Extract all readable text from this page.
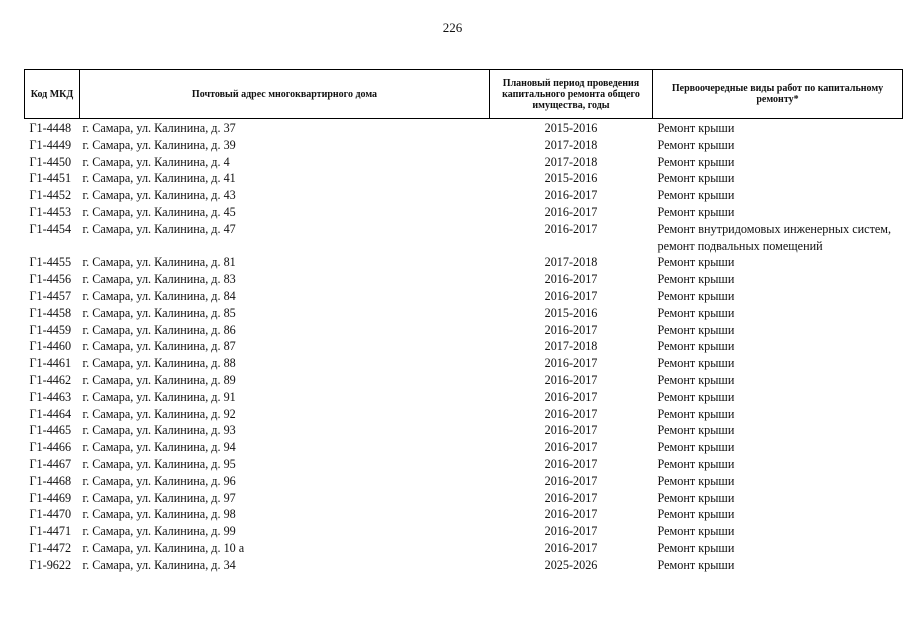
226
Код МКД	Почтовый адрес многоквартирного дома	Плановый период проведения капитального ремонта общего имущества, годы	Первоочередные виды работ по капитальному ремонту*
Г1-4448	г. Самара, ул. Калинина, д. 37	2015-2016	Ремонт крыши
Г1-4449	г. Самара, ул. Калинина, д. 39	2017-2018	Ремонт крыши
Г1-4450	г. Самара, ул. Калинина, д. 4	2017-2018	Ремонт крыши
Г1-4451	г. Самара, ул. Калинина, д. 41	2015-2016	Ремонт крыши
Г1-4452	г. Самара, ул. Калинина, д. 43	2016-2017	Ремонт крыши
Г1-4453	г. Самара, ул. Калинина, д. 45	2016-2017	Ремонт крыши
Г1-4454	г. Самара, ул. Калинина, д. 47	2016-2017	Ремонт внутридомовых инженерных систем, ремонт подвальных помещений
Г1-4455	г. Самара, ул. Калинина, д. 81	2017-2018	Ремонт крыши
Г1-4456	г. Самара, ул. Калинина, д. 83	2016-2017	Ремонт крыши
Г1-4457	г. Самара, ул. Калинина, д. 84	2016-2017	Ремонт крыши
Г1-4458	г. Самара, ул. Калинина, д. 85	2015-2016	Ремонт крыши
Г1-4459	г. Самара, ул. Калинина, д. 86	2016-2017	Ремонт крыши
Г1-4460	г. Самара, ул. Калинина, д. 87	2017-2018	Ремонт крыши
Г1-4461	г. Самара, ул. Калинина, д. 88	2016-2017	Ремонт крыши
Г1-4462	г. Самара, ул. Калинина, д. 89	2016-2017	Ремонт крыши
Г1-4463	г. Самара, ул. Калинина, д. 91	2016-2017	Ремонт крыши
Г1-4464	г. Самара, ул. Калинина, д. 92	2016-2017	Ремонт крыши
Г1-4465	г. Самара, ул. Калинина, д. 93	2016-2017	Ремонт крыши
Г1-4466	г. Самара, ул. Калинина, д. 94	2016-2017	Ремонт крыши
Г1-4467	г. Самара, ул. Калинина, д. 95	2016-2017	Ремонт крыши
Г1-4468	г. Самара, ул. Калинина, д. 96	2016-2017	Ремонт крыши
Г1-4469	г. Самара, ул. Калинина, д. 97	2016-2017	Ремонт крыши
Г1-4470	г. Самара, ул. Калинина, д. 98	2016-2017	Ремонт крыши
Г1-4471	г. Самара, ул. Калинина, д. 99	2016-2017	Ремонт крыши
Г1-4472	г. Самара, ул. Калинина, д. 10 а	2016-2017	Ремонт крыши
Г1-9622	г. Самара, ул. Калинина, д. 34	2025-2026	Ремонт крыши
